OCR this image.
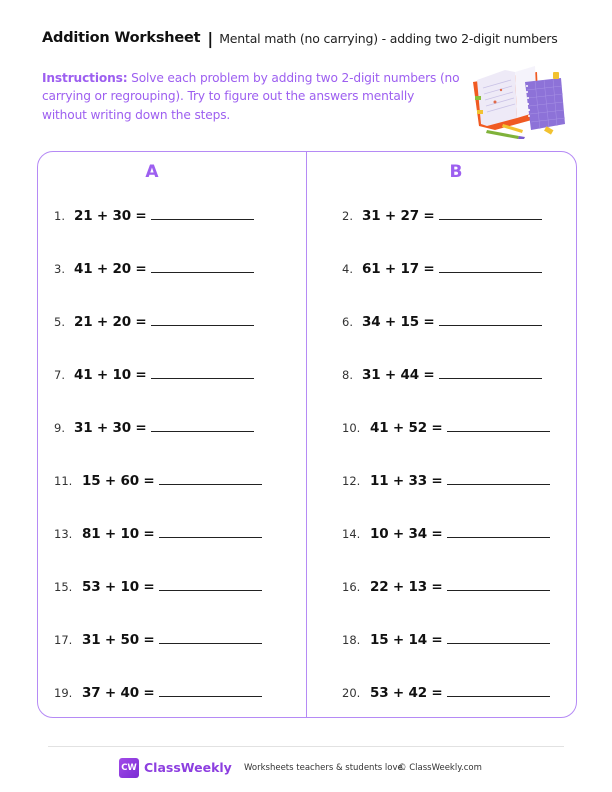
Addition Worksheet | Mental math (no carrying) - adding two 2-digit numbers
Instructions: Solve each problem by adding two 2-digit numbers (no carrying or regrouping). Try to figure out the answers mentally without writing down the steps.
A	B
1. 21 + 30 =
3. 41 + 20 =
5. 21 + 20 =
7. 41 + 10 =
9. 31 + 30 =
11. 15 + 60 =
13. 81 + 10 =
15. 53 + 10 =
17. 31 + 50 =
19. 37 + 40 =
2. 31 + 27 =
4. 61 + 17 =
6. 34 + 15 =
8. 31 + 44 =
10. 41 + 52 =
12. 11 + 33 =
14. 10 + 34 =
16. 22 + 13 =
18. 15 + 14 =
20. 53 + 42 =
CW ClassWeekly Worksheets teachers & students love.
© ClassWeekly.com
